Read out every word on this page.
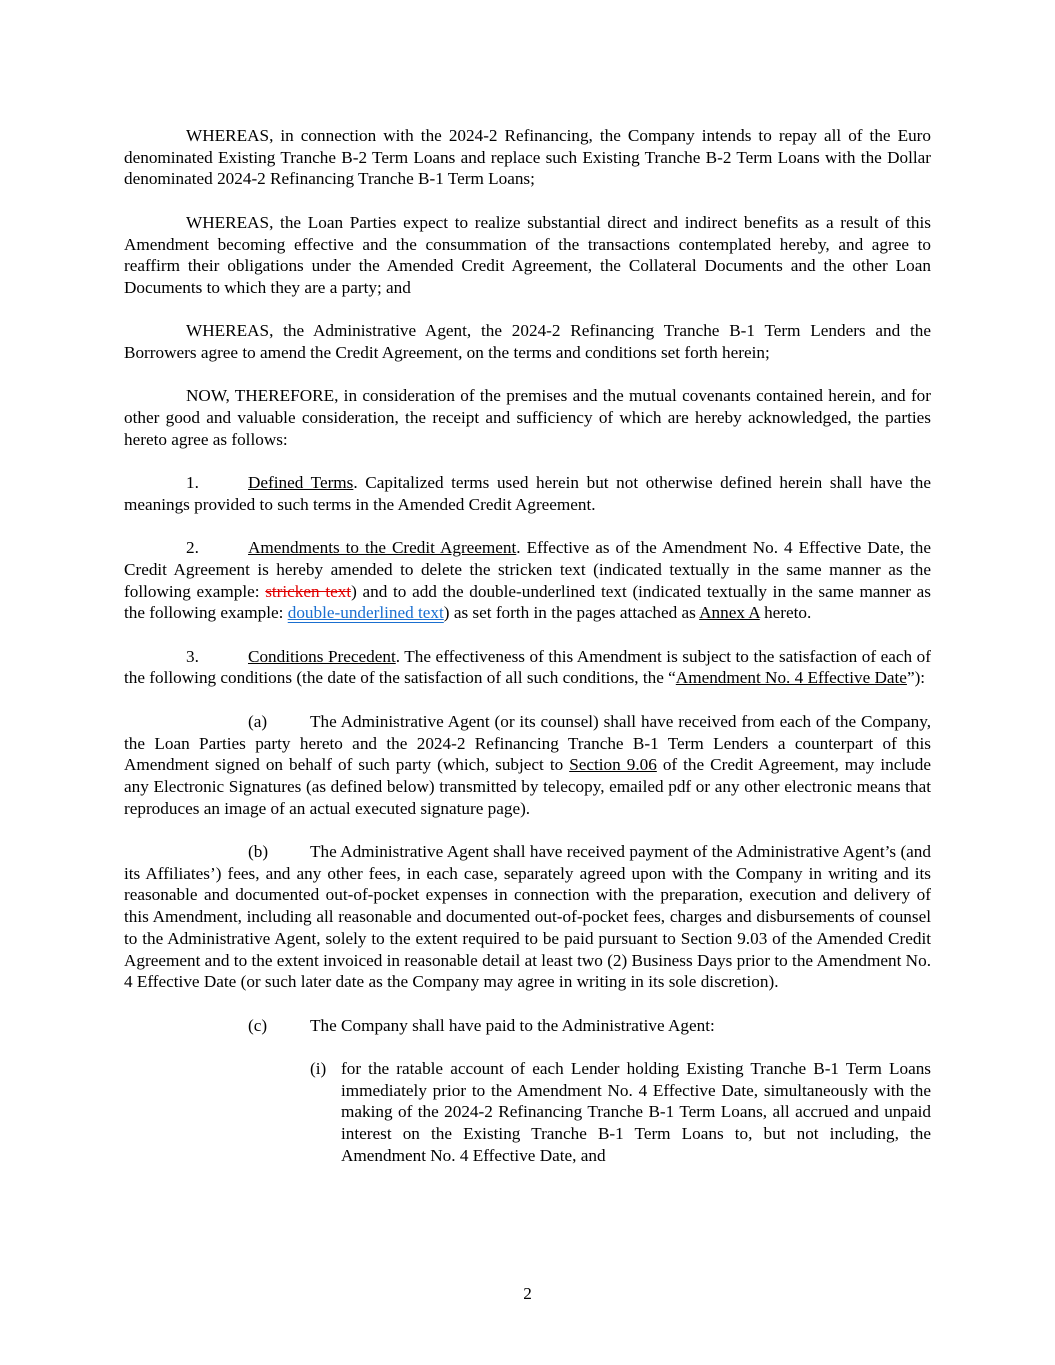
WHEREAS, in connection with the 2024-2 Refinancing, the Company intends to repay all of the Euro denominated Existing Tranche B-2 Term Loans and replace such Existing Tranche B-2 Term Loans with the Dollar denominated 2024-2 Refinancing Tranche B-1 Term Loans;

WHEREAS, the Loan Parties expect to realize substantial direct and indirect benefits as a result of this Amendment becoming effective and the consummation of the transactions contemplated hereby, and agree to reaffirm their obligations under the Amended Credit Agreement, the Collateral Documents and the other Loan Documents to which they are a party; and

WHEREAS, the Administrative Agent, the 2024-2 Refinancing Tranche B-1 Term Lenders and the Borrowers agree to amend the Credit Agreement, on the terms and conditions set forth herein;

NOW, THEREFORE, in consideration of the premises and the mutual covenants contained herein, and for other good and valuable consideration, the receipt and sufficiency of which are hereby acknowledged, the parties hereto agree as follows:

1.	Defined Terms. Capitalized terms used herein but not otherwise defined herein shall have the meanings provided to such terms in the Amended Credit Agreement.

2.	Amendments to the Credit Agreement. Effective as of the Amendment No. 4 Effective Date, the Credit Agreement is hereby amended to delete the stricken text (indicated textually in the same manner as the following example: stricken text) and to add the double-underlined text (indicated textually in the same manner as the following example: double-underlined text) as set forth in the pages attached as Annex A hereto.

3.	Conditions Precedent. The effectiveness of this Amendment is subject to the satisfaction of each of the following conditions (the date of the satisfaction of all such conditions, the “Amendment No. 4 Effective Date”):

(a) The Administrative Agent (or its counsel) shall have received from each of the Company, the Loan Parties party hereto and the 2024-2 Refinancing Tranche B-1 Term Lenders a counterpart of this Amendment signed on behalf of such party (which, subject to Section 9.06 of the Credit Agreement, may include any Electronic Signatures (as defined below) transmitted by telecopy, emailed pdf or any other electronic means that reproduces an image of an actual executed signature page).

(b) The Administrative Agent shall have received payment of the Administrative Agent’s (and its Affiliates’) fees, and any other fees, in each case, separately agreed upon with the Company in writing and its reasonable and documented out-of-pocket expenses in connection with the preparation, execution and delivery of this Amendment, including all reasonable and documented out-of-pocket fees, charges and disbursements of counsel to the Administrative Agent, solely to the extent required to be paid pursuant to Section 9.03 of the Amended Credit Agreement and to the extent invoiced in reasonable detail at least two (2) Business Days prior to the Amendment No. 4 Effective Date (or such later date as the Company may agree in writing in its sole discretion).

(c) The Company shall have paid to the Administrative Agent:

(i) for the ratable account of each Lender holding Existing Tranche B-1 Term Loans immediately prior to the Amendment No. 4 Effective Date, simultaneously with the making of the 2024-2 Refinancing Tranche B-1 Term Loans, all accrued and unpaid interest on the Existing Tranche B-1 Term Loans to, but not including, the Amendment No. 4 Effective Date, and
2
